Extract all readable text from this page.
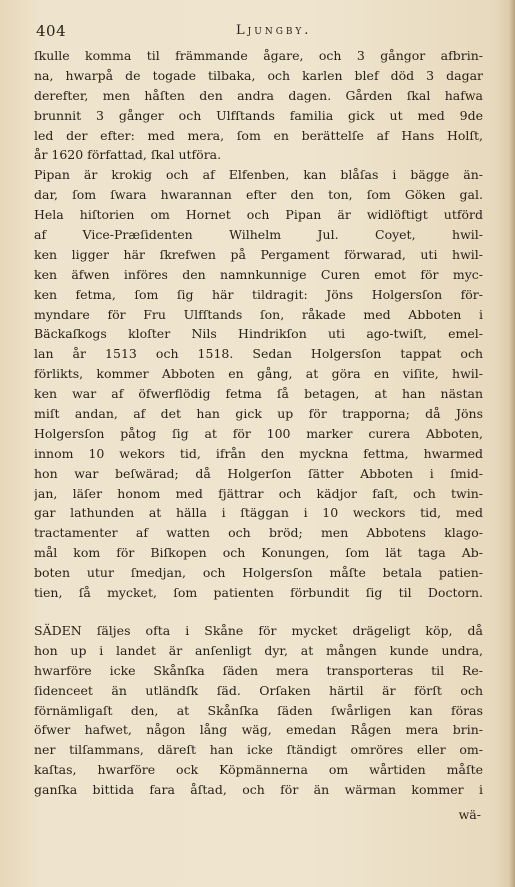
404	Ljungby.
ſkulle komma til främmande ågare, och 3 gångor afbrin-
na, hwarpå de togade tilbaka, och karlen blef död 3 dagar
derefter, men håſten den andra dagen. Gården ſkal hafwa
brunnit 3 gånger och Ulfſtands familia gick ut med 9de
led der efter: med mera, ſom en berättelſe af Hans Holſt,
år 1620 författad, ſkal utföra.
Pipan är krokig och af Elfenben, kan blåſas i bägge än-
dar, ſom ſwara hwarannan efter den ton, ſom Göken gal.
Hela hiſtorien om Hornet och Pipan är widlöftigt utförd
af Vice-Præſidenten Wilhelm Jul. Coyet, hwil-
ken ligger här ſkrefwen på Pergament förwarad, uti hwil-
ken äfwen införes den namnkunnige Curen emot för myc-
ken fetma, ſom ſig här tildragit: Jöns Holgersſon för-
myndare för Fru Ulfſtands ſon, råkade med Abboten i
Bäckaſkogs kloſter Nils Hindrikſon uti ago-twiſt, emel-
lan år 1513 och 1518. Sedan Holgersſon tappat och
förlikts, kommer Abboten en gång, at göra en viſite, hwil-
ken war af öfwerflödig fetma ſå betagen, at han nästan
miſt andan, af det han gick up för trapporna; då Jöns
Holgersſon påtog ſig at för 100 marker curera Abboten,
innom 10 wekors tid, ifrån den myckna fettma, hwarmed
hon war beſwärad; då Holgerſon ſätter Abboten i ſmid-
jan, läſer honom med fjättrar och kädjor faſt, och twin-
gar lathunden at hälla i ſtäggan i 10 weckors tid, med
tractamenter af watten och bröd; men Abbotens klago-
mål kom för Biſkopen och Konungen, ſom lät taga Ab-
boten utur ſmedjan, och Holgersſon måſte betala patien-
tien, ſå mycket, ſom patienten förbundit ſig til Doctorn.
SÄDEN ſäljes ofta i Skåne för mycket drägeligt köp, då
hon up i landet är anſenligt dyr, at mången kunde undra,
hwarföre icke Skånſka ſäden mera transporteras til Re-
ſidenceet än utländſk ſäd. Orſaken härtil är förſt och
förnämligaſt den, at Skånſka ſäden ſwårligen kan föras
öfwer hafwet, någon lång wäg, emedan Rågen mera brin-
ner tilſammans, däreſt han icke ſtändigt omröres eller om-
kaſtas, hwarföre ock Köpmännerna om wårtiden måſte
ganſka bittida fara åſtad, och för än wärman kommer i
wä-
